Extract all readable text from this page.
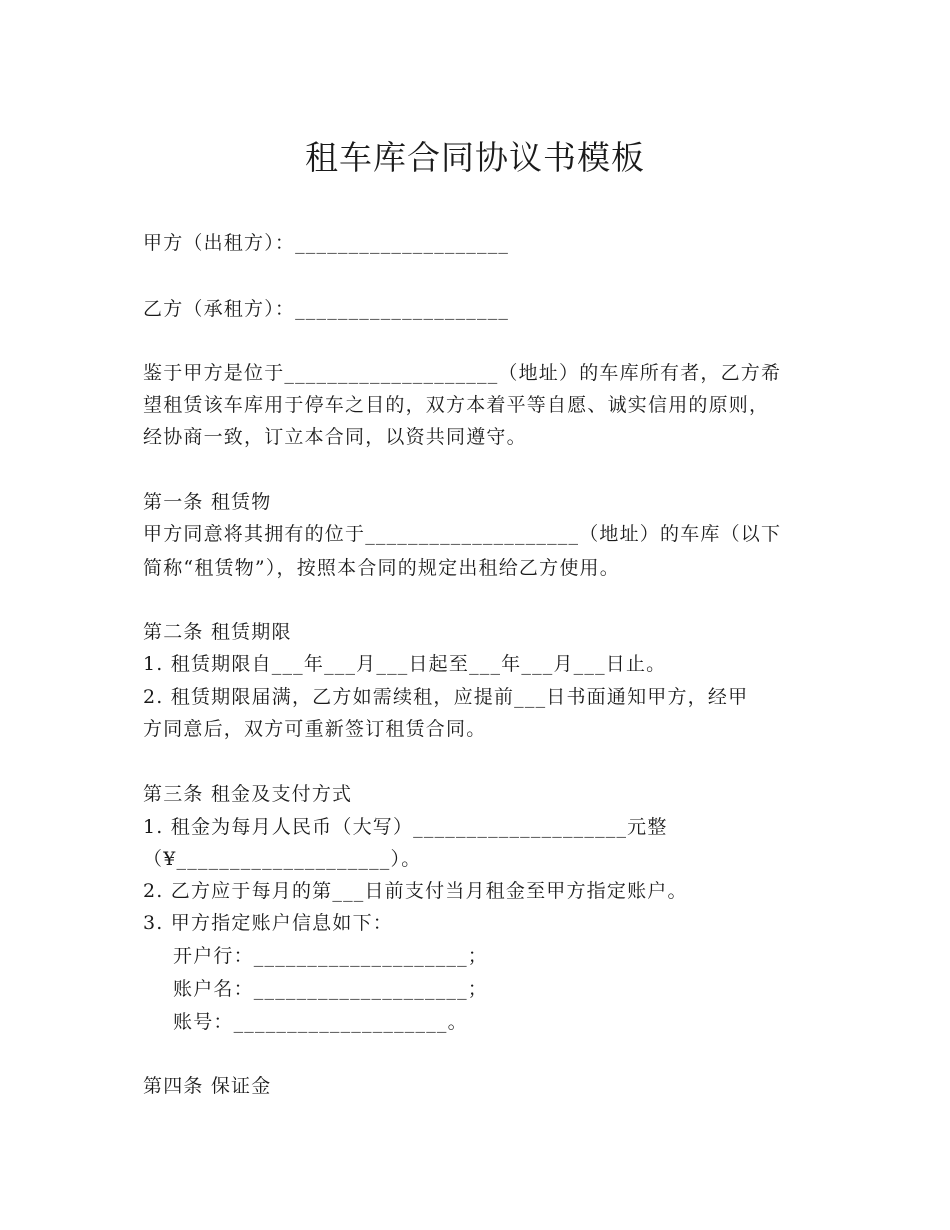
租车库合同协议书模板
甲方（出租方）：____________________
乙方（承租方）：____________________
鉴于甲方是位于____________________（地址）的车库所有者，乙方希
望租赁该车库用于停车之目的，双方本着平等自愿、诚实信用的原则，
经协商一致，订立本合同，以资共同遵守。
第一条 租赁物
甲方同意将其拥有的位于____________________（地址）的车库（以下
简称“租赁物”），按照本合同的规定出租给乙方使用。
第二条 租赁期限
1. 租赁期限自___年___月___日起至___年___月___日止。
2. 租赁期限届满，乙方如需续租，应提前___日书面通知甲方，经甲
方同意后，双方可重新签订租赁合同。
第三条 租金及支付方式
1. 租金为每月人民币（大写）____________________元整
（¥____________________）。
2. 乙方应于每月的第___日前支付当月租金至甲方指定账户。
3. 甲方指定账户信息如下：
开户行：____________________；
账户名：____________________；
账号：____________________。
第四条 保证金
